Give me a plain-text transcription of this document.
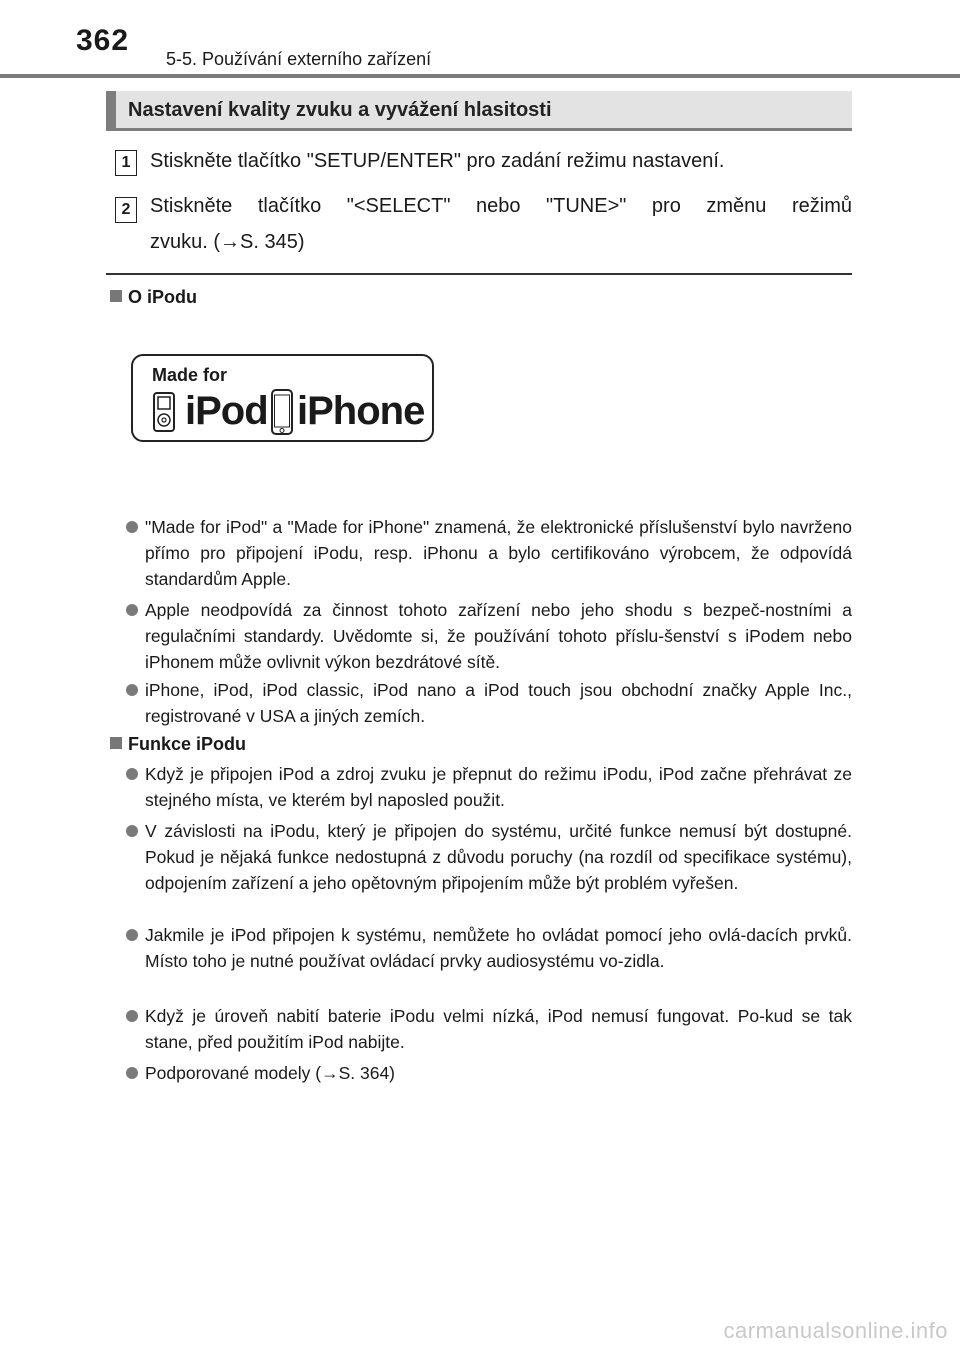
362
5-5. Používání externího zařízení
Nastavení kvality zvuku a vyvážení hlasitosti
1 Stiskněte tlačítko "SETUP/ENTER" pro zadání režimu nastavení.
2 Stiskněte tlačítko "<SELECT" nebo "TUNE>" pro změnu režimů
zvuku. (→S. 345)
O iPodu
Made for
iPod iPhone
"Made for iPod" a "Made for iPhone" znamená, že elektronické příslušenství bylo navrženo přímo pro připojení iPodu, resp. iPhonu a bylo certifikováno výrobcem, že odpovídá standardům Apple.
Apple neodpovídá za činnost tohoto zařízení nebo jeho shodu s bezpeč-nostními a regulačními standardy. Uvědomte si, že používání tohoto příslu-šenství s iPodem nebo iPhonem může ovlivnit výkon bezdrátové sítě.
iPhone, iPod, iPod classic, iPod nano a iPod touch jsou obchodní značky Apple Inc., registrované v USA a jiných zemích.
Funkce iPodu
Když je připojen iPod a zdroj zvuku je přepnut do režimu iPodu, iPod začne přehrávat ze stejného místa, ve kterém byl naposled použit.
V závislosti na iPodu, který je připojen do systému, určité funkce nemusí být dostupné. Pokud je nějaká funkce nedostupná z důvodu poruchy (na rozdíl od specifikace systému), odpojením zařízení a jeho opětovným připojením může být problém vyřešen.
Jakmile je iPod připojen k systému, nemůžete ho ovládat pomocí jeho ovlá-dacích prvků. Místo toho je nutné používat ovládací prvky audiosystému vo-zidla.
Když je úroveň nabití baterie iPodu velmi nízká, iPod nemusí fungovat. Po-kud se tak stane, před použitím iPod nabijte.
Podporované modely (→S. 364)
carmanualsonline.info
